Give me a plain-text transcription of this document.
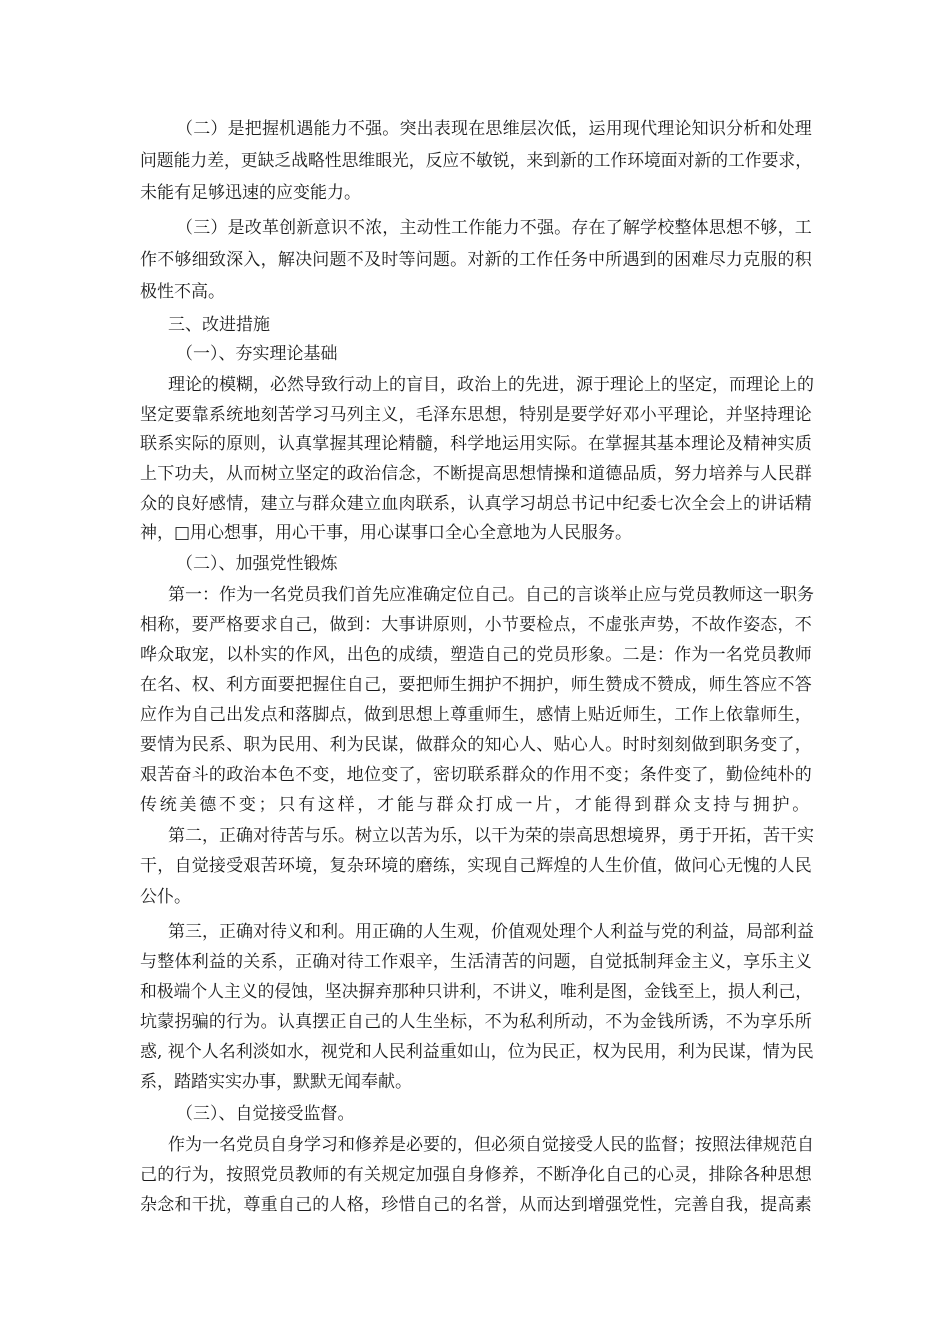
（二）是把握机遇能力不强。突出表现在思维层次低，运用现代理论知识分析和处理
问题能力差，更缺乏战略性思维眼光，反应不敏锐，来到新的工作环境面对新的工作要求，
未能有足够迅速的应变能力。
（三）是改革创新意识不浓，主动性工作能力不强。存在了解学校整体思想不够，工
作不够细致深入，解决问题不及时等问题。对新的工作任务中所遇到的困难尽力克服的积
极性不高。
三、改进措施
（一）、夯实理论基础
理论的模糊，必然导致行动上的盲目，政治上的先进，源于理论上的坚定，而理论上的
坚定要靠系统地刻苦学习马列主义，毛泽东思想，特别是要学好邓小平理论，并坚持理论
联系实际的原则，认真掌握其理论精髓，科学地运用实际。在掌握其基本理论及精神实质
上下功夫，从而树立坚定的政治信念，不断提高思想情操和道德品质，努力培养与人民群
众的良好感情，建立与群众建立血肉联系，认真学习胡总书记中纪委七次全会上的讲话精
神，□用心想事，用心干事，用心谋事口全心全意地为人民服务。
（二）、加强党性锻炼
第一：作为一名党员我们首先应准确定位自己。自己的言谈举止应与党员教师这一职务
相称，要严格要求自己，做到：大事讲原则，小节要检点，不虚张声势，不故作姿态，不
哗众取宠，以朴实的作风，出色的成绩，塑造自己的党员形象。二是：作为一名党员教师
在名、权、利方面要把握住自己，要把师生拥护不拥护，师生赞成不赞成，师生答应不答
应作为自己出发点和落脚点，做到思想上尊重师生，感情上贴近师生，工作上依靠师生，
要情为民系、职为民用、利为民谋，做群众的知心人、贴心人。时时刻刻做到职务变了，
艰苦奋斗的政治本色不变，地位变了，密切联系群众的作用不变；条件变了，勤俭纯朴的
传统美德不变；只有这样，才能与群众打成一片，才能得到群众支持与拥护。
第二，正确对待苦与乐。树立以苦为乐，以干为荣的崇高思想境界，勇于开拓，苦干实
干，自觉接受艰苦环境，复杂环境的磨练，实现自己辉煌的人生价值，做问心无愧的人民
公仆。
第三，正确对待义和利。用正确的人生观，价值观处理个人利益与党的利益，局部利益
与整体利益的关系，正确对待工作艰辛，生活清苦的问题，自觉抵制拜金主义，享乐主义
和极端个人主义的侵蚀，坚决摒弃那种只讲利，不讲义，唯利是图，金钱至上，损人利己，
坑蒙拐骗的行为。认真摆正自己的人生坐标，不为私利所动，不为金钱所诱，不为享乐所
惑, 视个人名利淡如水，视党和人民利益重如山，位为民正，权为民用，利为民谋，情为民
系，踏踏实实办事，默默无闻奉献。
（三）、自觉接受监督。
作为一名党员自身学习和修养是必要的，但必须自觉接受人民的监督；按照法律规范自
己的行为，按照党员教师的有关规定加强自身修养，不断净化自己的心灵，排除各种思想
杂念和干扰，尊重自己的人格，珍惜自己的名誉，从而达到增强党性，完善自我，提高素
